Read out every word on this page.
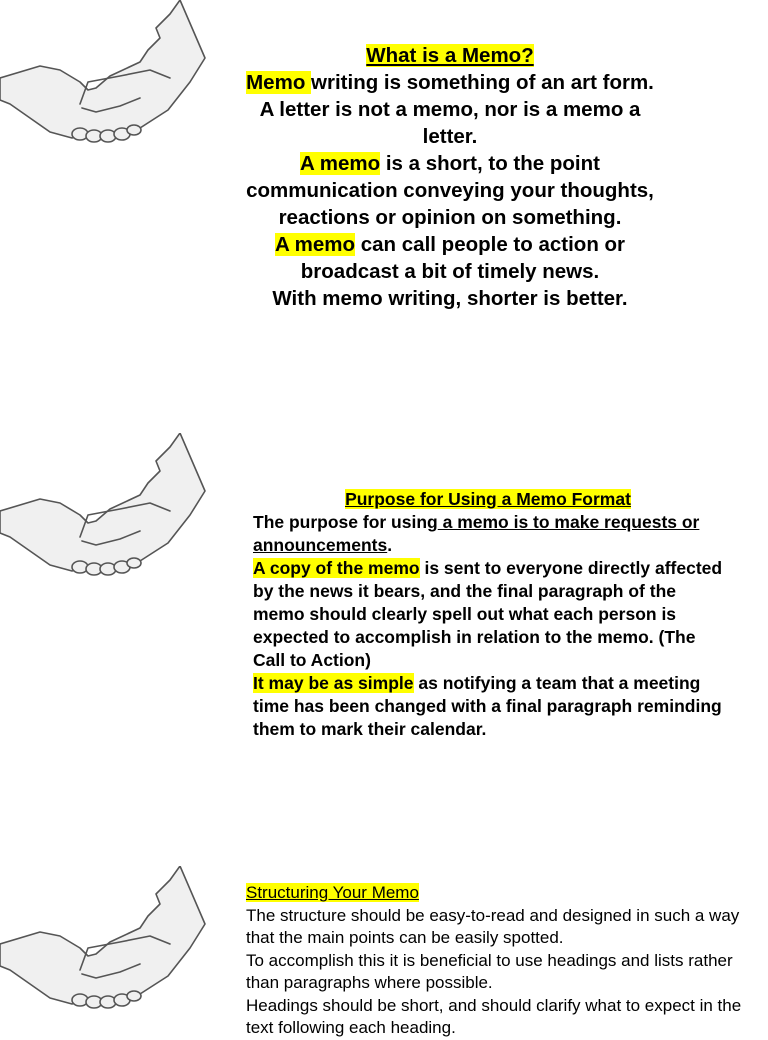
What is a Memo?

Memo writing is something of an art form. A letter is not a memo, nor is a memo a letter.

A memo is a short, to the point communication conveying your thoughts, reactions or opinion on something.

A memo can call people to action or broadcast a bit of timely news.

With memo writing, shorter is better.

Purpose for Using a Memo Format

The purpose for using a memo is to make requests or announcements.

A copy of the memo is sent to everyone directly affected by the news it bears, and the final paragraph of the memo should clearly spell out what each person is expected to accomplish in relation to the memo. (The Call to Action)

It may be as simple as notifying a team that a meeting time has been changed with a final paragraph reminding them to mark their calendar.

Structuring Your Memo

The structure should be easy-to-read and designed in such a way that the main points can be easily spotted.

To accomplish this it is beneficial to use headings and lists rather than paragraphs where possible.

Headings should be short, and should clarify what to expect in the text following each heading.
